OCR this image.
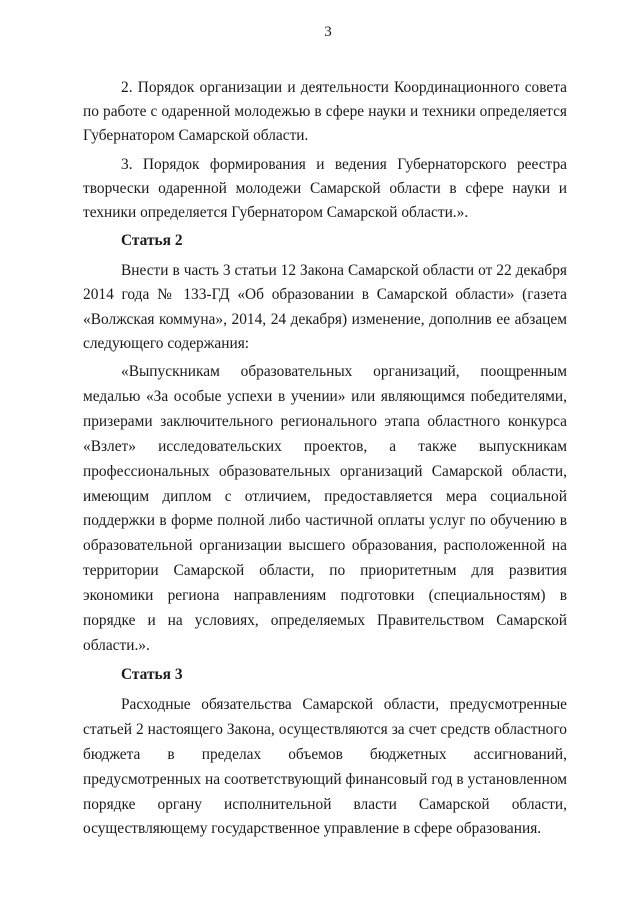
3

2. Порядок организации и деятельности Координационного совета по работе с одаренной молодежью в сфере науки и техники определяется Губернатором Самарской области.

3. Порядок формирования и ведения Губернаторского реестра творчески одаренной молодежи Самарской области в сфере науки и техники определяется Губернатором Самарской области.».

Статья 2

Внести в часть 3 статьи 12 Закона Самарской области от 22 декабря 2014 года № 133-ГД «Об образовании в Самарской области» (газета «Волжская коммуна», 2014, 24 декабря) изменение, дополнив ее абзацем следующего содержания:

«Выпускникам образовательных организаций, поощренным медалью «За особые успехи в учении» или являющимся победителями, призерами заключительного регионального этапа областного конкурса «Взлет» исследовательских проектов, а также выпускникам профессиональных образовательных организаций Самарской области, имеющим диплом с отличием, предоставляется мера социальной поддержки в форме полной либо частичной оплаты услуг по обучению в образовательной организации высшего образования, расположенной на территории Самарской области, по приоритетным для развития экономики региона направлениям подготовки (специальностям) в порядке и на условиях, определяемых Правительством Самарской области.».

Статья 3

Расходные обязательства Самарской области, предусмотренные статьей 2 настоящего Закона, осуществляются за счет средств областного бюджета в пределах объемов бюджетных ассигнований, предусмотренных на соответствующий финансовый год в установленном порядке органу исполнительной власти Самарской области, осуществляющему государственное управление в сфере образования.
